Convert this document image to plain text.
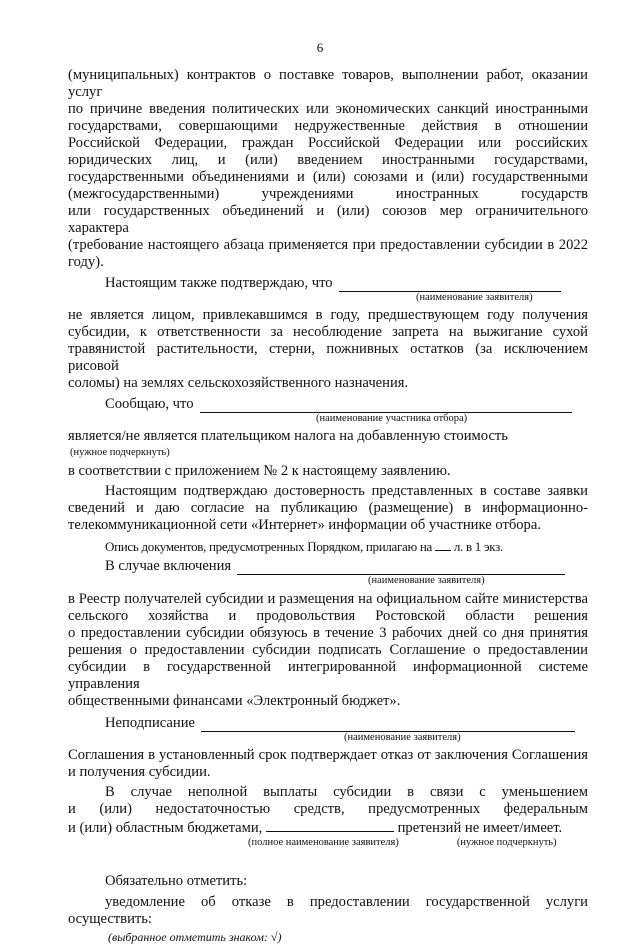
6
(муниципальных) контрактов о поставке товаров, выполнении работ, оказании услуг
по причине введения политических или экономических санкций иностранными
государствами, совершающими недружественные действия в отношении
Российской Федерации, граждан Российской Федерации или российских
юридических лиц, и (или) введением иностранными государствами,
государственными объединениями и (или) союзами и (или) государственными
(межгосударственными) учреждениями иностранных государств
или государственных объединений и (или) союзов мер ограничительного характера
(требование настоящего абзаца применяется при предоставлении субсидии в 2022
году).
Настоящим также подтверждаю, что
(наименование заявителя)
не является лицом, привлекавшимся в году, предшествующем году получения
субсидии, к ответственности за несоблюдение запрета на выжигание сухой
травянистой растительности, стерни, пожнивных остатков (за исключением рисовой
соломы) на землях сельскохозяйственного назначения.
Сообщаю, что
(наименование участника отбора)
является/не является плательщиком налога на добавленную стоимость
(нужное подчеркнуть)
в соответствии с приложением № 2 к настоящему заявлению.
Настоящим подтверждаю достоверность представленных в составе заявки
сведений и даю согласие на публикацию (размещение) в информационно-
телекоммуникационной сети «Интернет» информации об участнике отбора.
Опись документов, предусмотренных Порядком, прилагаю на л. в 1 экз.
В случае включения
(наименование заявителя)
в Реестр получателей субсидии и размещения на официальном сайте министерства
сельского хозяйства и продовольствия Ростовской области решения
о предоставлении субсидии обязуюсь в течение 3 рабочих дней со дня принятия
решения о предоставлении субсидии подписать Соглашение о предоставлении
субсидии в государственной интегрированной информационной системе управления
общественными финансами «Электронный бюджет».
Неподписание
(наименование заявителя)
Соглашения в установленный срок подтверждает отказ от заключения Соглашения
и получения субсидии.
В случае неполной выплаты субсидии в связи с уменьшением
и (или) недостаточностью средств, предусмотренных федеральным
и (или) областным бюджетами,	претензий не имеет/имеет.
(полное наименование заявителя)	(нужное подчеркнуть)
Обязательно отметить:
уведомление об отказе в предоставлении государственной услуги
осуществить:
(выбранное отметить знаком: √)
